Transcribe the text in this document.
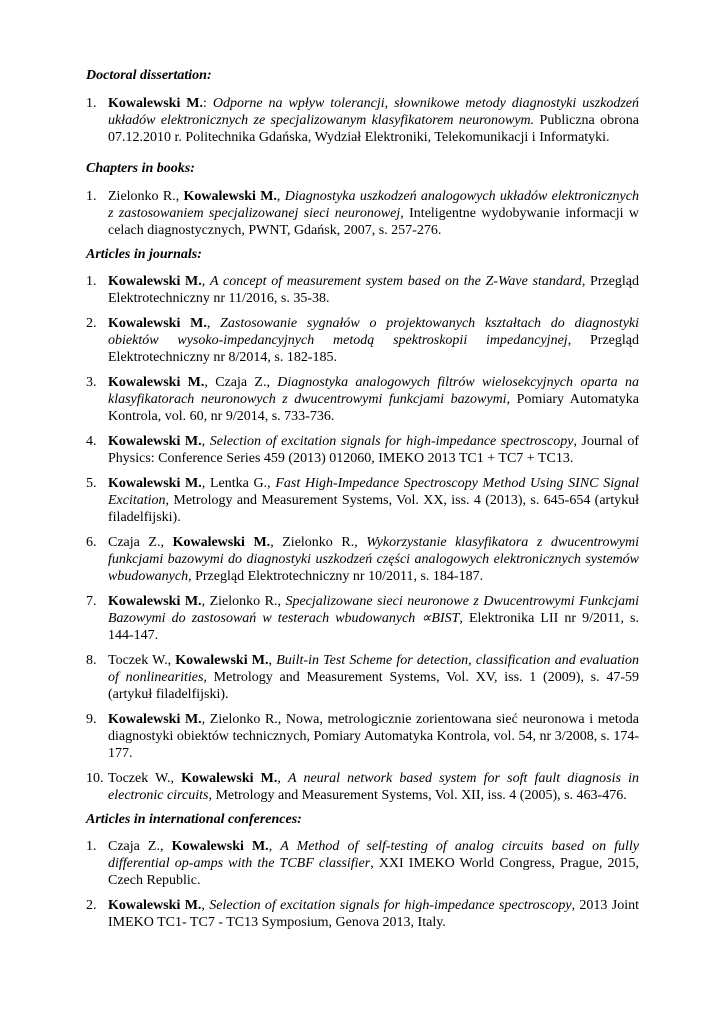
Doctoral dissertation:
1. Kowalewski M.: Odporne na wpływ tolerancji, słownikowe metody diagnostyki uszkodzeń układów elektronicznych ze specjalizowanym klasyfikatorem neuronowym. Publiczna obrona 07.12.2010 r. Politechnika Gdańska, Wydział Elektroniki, Telekomunikacji i Informatyki.
Chapters in books:
1. Zielonko R., Kowalewski M., Diagnostyka uszkodzeń analogowych układów elektronicznych z zastosowaniem specjalizowanej sieci neuronowej, Inteligentne wydobywanie informacji w celach diagnostycznych, PWNT, Gdańsk, 2007, s. 257-276.
Articles in journals:
1. Kowalewski M., A concept of measurement system based on the Z-Wave standard, Przegląd Elektrotechniczny nr 11/2016, s. 35-38.
2. Kowalewski M., Zastosowanie sygnałów o projektowanych kształtach do diagnostyki obiektów wysoko-impedancyjnych metodą spektroskopii impedancyjnej, Przegląd Elektrotechniczny nr 8/2014, s. 182-185.
3. Kowalewski M., Czaja Z., Diagnostyka analogowych filtrów wielosekcyjnych oparta na klasyfikatorach neuronowych z dwucentrowymi funkcjami bazowymi, Pomiary Automatyka Kontrola, vol. 60, nr 9/2014, s. 733-736.
4. Kowalewski M., Selection of excitation signals for high-impedance spectroscopy, Journal of Physics: Conference Series 459 (2013) 012060, IMEKO 2013 TC1 + TC7 + TC13.
5. Kowalewski M., Lentka G., Fast High-Impedance Spectroscopy Method Using SINC Signal Excitation, Metrology and Measurement Systems, Vol. XX, iss. 4 (2013), s. 645-654 (artykuł filadelfijski).
6. Czaja Z., Kowalewski M., Zielonko R., Wykorzystanie klasyfikatora z dwucentrowymi funkcjami bazowymi do diagnostyki uszkodzeń części analogowych elektronicznych systemów wbudowanych, Przegląd Elektrotechniczny nr 10/2011, s. 184-187.
7. Kowalewski M., Zielonko R., Specjalizowane sieci neuronowe z Dwucentrowymi Funkcjami Bazowymi do zastosowań w testerach wbudowanych ∝BIST, Elektronika LII nr 9/2011, s. 144-147.
8. Toczek W., Kowalewski M., Built-in Test Scheme for detection, classification and evaluation of nonlinearities, Metrology and Measurement Systems, Vol. XV, iss. 1 (2009), s. 47-59 (artykuł filadelfijski).
9. Kowalewski M., Zielonko R., Nowa, metrologicznie zorientowana sieć neuronowa i metoda diagnostyki obiektów technicznych, Pomiary Automatyka Kontrola, vol. 54, nr 3/2008, s. 174-177.
10. Toczek W., Kowalewski M., A neural network based system for soft fault diagnosis in electronic circuits, Metrology and Measurement Systems, Vol. XII, iss. 4 (2005), s. 463-476.
Articles in international conferences:
1. Czaja Z., Kowalewski M., A Method of self-testing of analog circuits based on fully differential op-amps with the TCBF classifier, XXI IMEKO World Congress, Prague, 2015, Czech Republic.
2. Kowalewski M., Selection of excitation signals for high-impedance spectroscopy, 2013 Joint IMEKO TC1- TC7 - TC13 Symposium, Genova 2013, Italy.
